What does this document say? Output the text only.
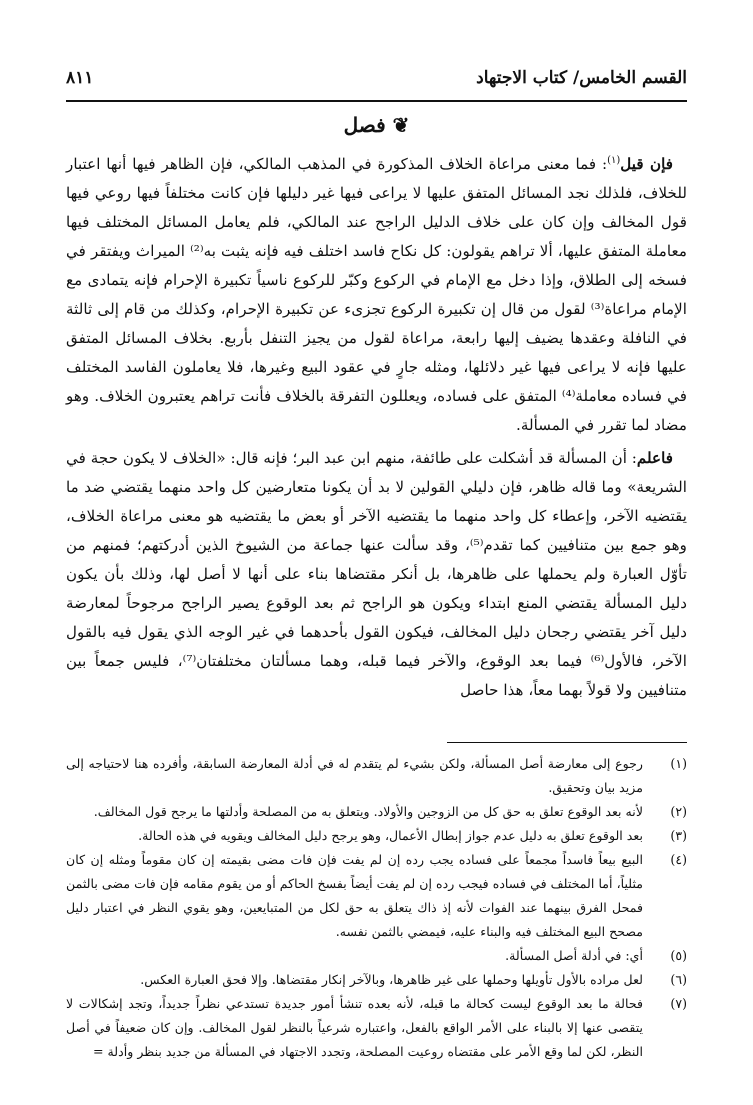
القسم الخامس/ كتاب الاجتهاد
٨١١
❦ فصل

فإن قيل$^{(١)}$: فما معنى مراعاة الخلاف المذكورة في المذهب المالكي، فإن الظاهر فيها أنها اعتبار للخلاف، فلذلك نجد المسائل المتفق عليها لا يراعى فيها غير دليلها فإن كانت مختلفاً فيها روعي فيها قول المخالف وإن كان على خلاف الدليل الراجح عند المالكي، فلم يعامل المسائل المختلف فيها معاملة المتفق عليها، ألا تراهم يقولون: كل نكاح فاسد اختلف فيه فإنه يثبت به⁽²⁾ الميراث ويفتقر في فسخه إلى الطلاق، وإذا دخل مع الإمام في الركوع وكبّر للركوع ناسياً تكبيرة الإحرام فإنه يتمادى مع الإمام مراعاة⁽³⁾ لقول من قال إن تكبيرة الركوع تجزىء عن تكبيرة الإحرام، وكذلك من قام إلى ثالثة في النافلة وعقدها يضيف إليها رابعة، مراعاة لقول من يجيز التنفل بأربع. بخلاف المسائل المتفق عليها فإنه لا يراعى فيها غير دلائلها، ومثله جارٍ في عقود البيع وغيرها، فلا يعاملون الفاسد المختلف في فساده معاملة⁽⁴⁾ المتفق على فساده، ويعللون التفرقة بالخلاف فأنت تراهم يعتبرون الخلاف. وهو مضاد لما تقرر في المسألة.

فاعلم: أن المسألة قد أشكلت على طائفة، منهم ابن عبد البر؛ فإنه قال: «الخلاف لا يكون حجة في الشريعة» وما قاله ظاهر، فإن دليلي القولين لا بد أن يكونا متعارضين كل واحد منهما يقتضي ضد ما يقتضيه الآخر، وإعطاء كل واحد منهما ما يقتضيه الآخر أو بعض ما يقتضيه هو معنى مراعاة الخلاف، وهو جمع بين متنافيين كما تقدم⁽⁵⁾، وقد سألت عنها جماعة من الشيوخ الذين أدركتهم؛ فمنهم من تأوّل العبارة ولم يحملها على ظاهرها، بل أنكر مقتضاها بناء على أنها لا أصل لها، وذلك بأن يكون دليل المسألة يقتضي المنع ابتداء ويكون هو الراجح ثم بعد الوقوع يصير الراجح مرجوحاً لمعارضة دليل آخر يقتضي رجحان دليل المخالف، فيكون القول بأحدهما في غير الوجه الذي يقول فيه بالقول الآخر، فالأول⁽⁶⁾ فيما بعد الوقوع، والآخر فيما قبله، وهما مسألتان مختلفتان⁽⁷⁾، فليس جمعاً بين متنافيين ولا قولاً بهما معاً، هذا حاصل

(١)
رجوع إلى معارضة أصل المسألة، ولكن بشيء لم يتقدم له في أدلة المعارضة السابقة، وأفرده هنا لاحتياجه إلى مزيد بيان وتحقيق.
(٢)
لأنه بعد الوقوع تعلق به حق كل من الزوجين والأولاد. ويتعلق به من المصلحة وأدلتها ما يرجح قول المخالف.
(٣)
بعد الوقوع تعلق به دليل عدم جواز إبطال الأعمال، وهو يرجح دليل المخالف ويقويه في هذه الحالة.
(٤)
البيع بيعاً فاسداً مجمعاً على فساده يجب رده إن لم يفت فإن فات مضى بقيمته إن كان مقوماً ومثله إن كان مثلياً، أما المختلف في فساده فيجب رده إن لم يفت أيضاً بفسخ الحاكم أو من يقوم مقامه فإن فات مضى بالثمن فمحل الفرق بينهما عند الفوات لأنه إذ ذاك يتعلق به حق لكل من المتبايعين، وهو يقوي النظر في اعتبار دليل مصحح البيع المختلف فيه والبناء عليه، فيمضي بالثمن نفسه.
(٥)
أي: في أدلة أصل المسألة.
(٦)
لعل مراده بالأول تأويلها وحملها على غير ظاهرها، وبالآخر إنكار مقتضاها. وإلا فحق العبارة العكس.
(٧)
فحالة ما بعد الوقوع ليست كحالة ما قبله، لأنه بعده تنشأ أمور جديدة تستدعي نظراً جديداً، وتجد إشكالات لا يتقصى عنها إلا بالبناء على الأمر الواقع بالفعل، واعتباره شرعياً بالنظر لقول المخالف. وإن كان ضعيفاً في أصل النظر، لكن لما وقع الأمر على مقتضاه روعيت المصلحة، وتجدد الاجتهاد في المسألة من جديد بنظر وأدلة =
